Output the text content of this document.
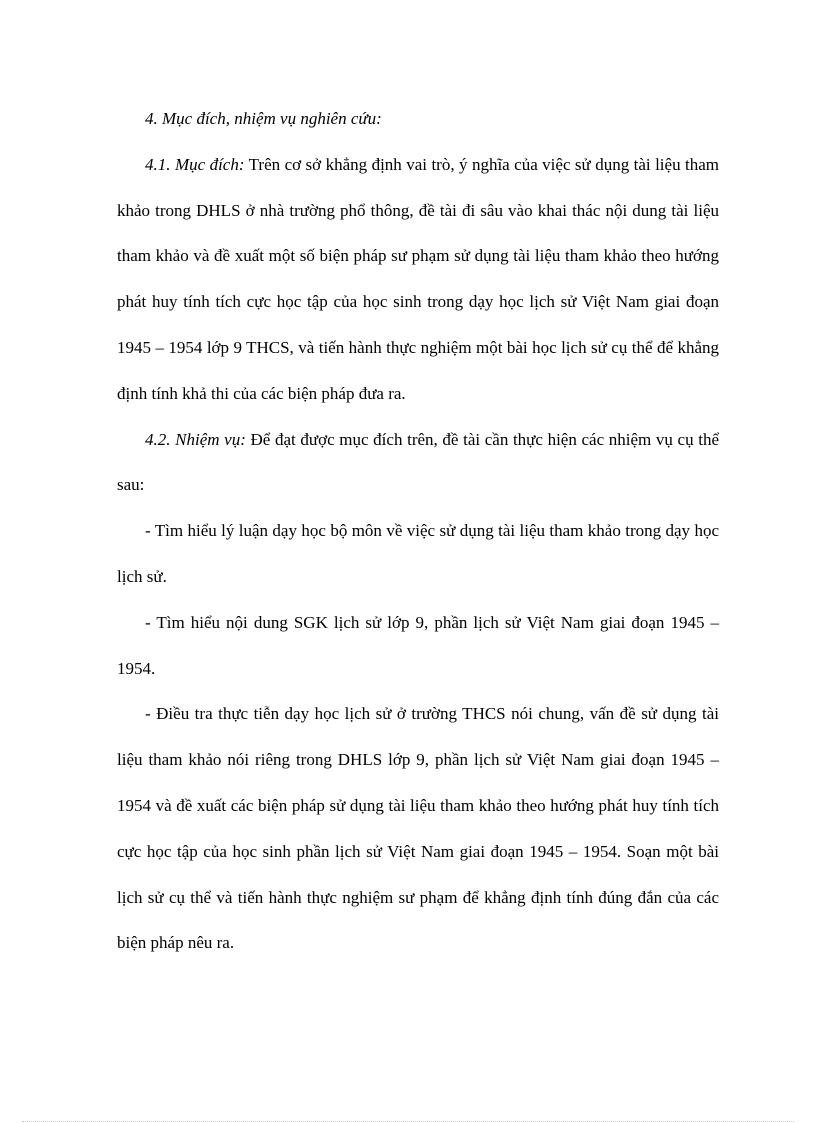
4. Mục đích, nhiệm vụ nghiên cứu:

4.1. Mục đích: Trên cơ sở khẳng định vai trò, ý nghĩa của việc sử dụng tài liệu tham khảo trong DHLS ở nhà trường phổ thông, đề tài đi sâu vào khai thác nội dung tài liệu tham khảo và đề xuất một số biện pháp sư phạm sử dụng tài liệu tham khảo theo hướng phát huy tính tích cực học tập của học sinh trong dạy học lịch sử Việt Nam giai đoạn 1945 – 1954 lớp 9 THCS, và tiến hành thực nghiệm một bài học lịch sử cụ thể để khẳng định tính khả thi của các biện pháp đưa ra.

4.2. Nhiệm vụ: Để đạt được mục đích trên, đề tài cần thực hiện các nhiệm vụ cụ thể sau:

- Tìm hiểu lý luận dạy học bộ môn về việc sử dụng tài liệu tham khảo trong dạy học lịch sử.

- Tìm hiểu nội dung SGK lịch sử lớp 9, phần lịch sử Việt Nam giai đoạn 1945 – 1954.

- Điều tra thực tiễn dạy học lịch sử ở trường THCS nói chung, vấn đề sử dụng tài liệu tham khảo nói riêng trong DHLS lớp 9, phần lịch sử Việt Nam giai đoạn 1945 – 1954 và đề xuất các biện pháp sử dụng tài liệu tham khảo theo hướng phát huy tính tích cực học tập của học sinh phần lịch sử Việt Nam giai đoạn 1945 – 1954. Soạn một bài lịch sử cụ thể và tiến hành thực nghiệm sư phạm để khẳng định tính đúng đắn của các biện pháp nêu ra.
